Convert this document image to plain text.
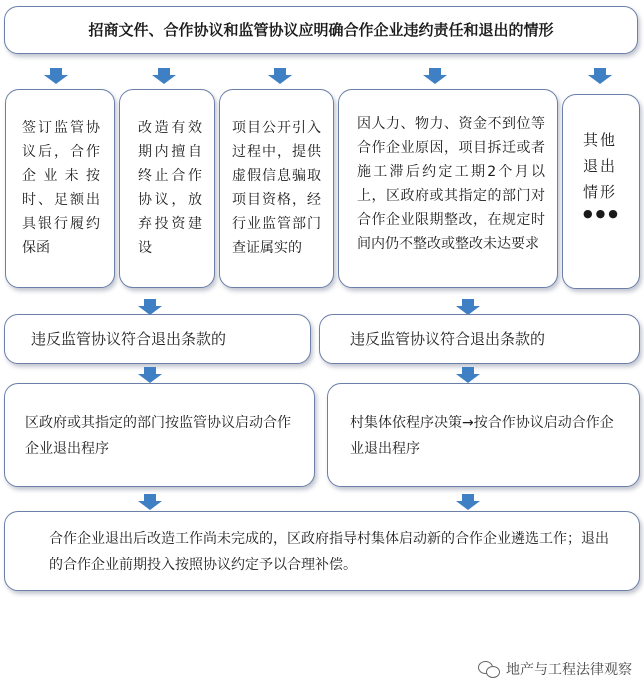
招商文件、合作协议和监管协议应明确合作企业违约责任和退出的情形
签订监管协议后，合作企业未按时、足额出具银行履约保函
改造有效期内擅自终止合作协议，放弃投资建设
项目公开引入过程中，提供虚假信息骗取项目资格，经行业监管部门查证属实的
因人力、物力、资金不到位等合作企业原因，项目拆迁或者施工滞后约定工期2个月以上，区政府或其指定的部门对合作企业限期整改，在规定时间内仍不整改或整改未达要求
其他退出情形
●●●
违反监管协议符合退出条款的	违反监管协议符合退出条款的
区政府或其指定的部门按监管协议启动合作企业退出程序
村集体依程序决策→按合作协议启动合作企业退出程序
合作企业退出后改造工作尚未完成的，区政府指导村集体启动新的合作企业遴选工作；退出的合作企业前期投入按照协议约定予以合理补偿。
地产与工程法律观察
